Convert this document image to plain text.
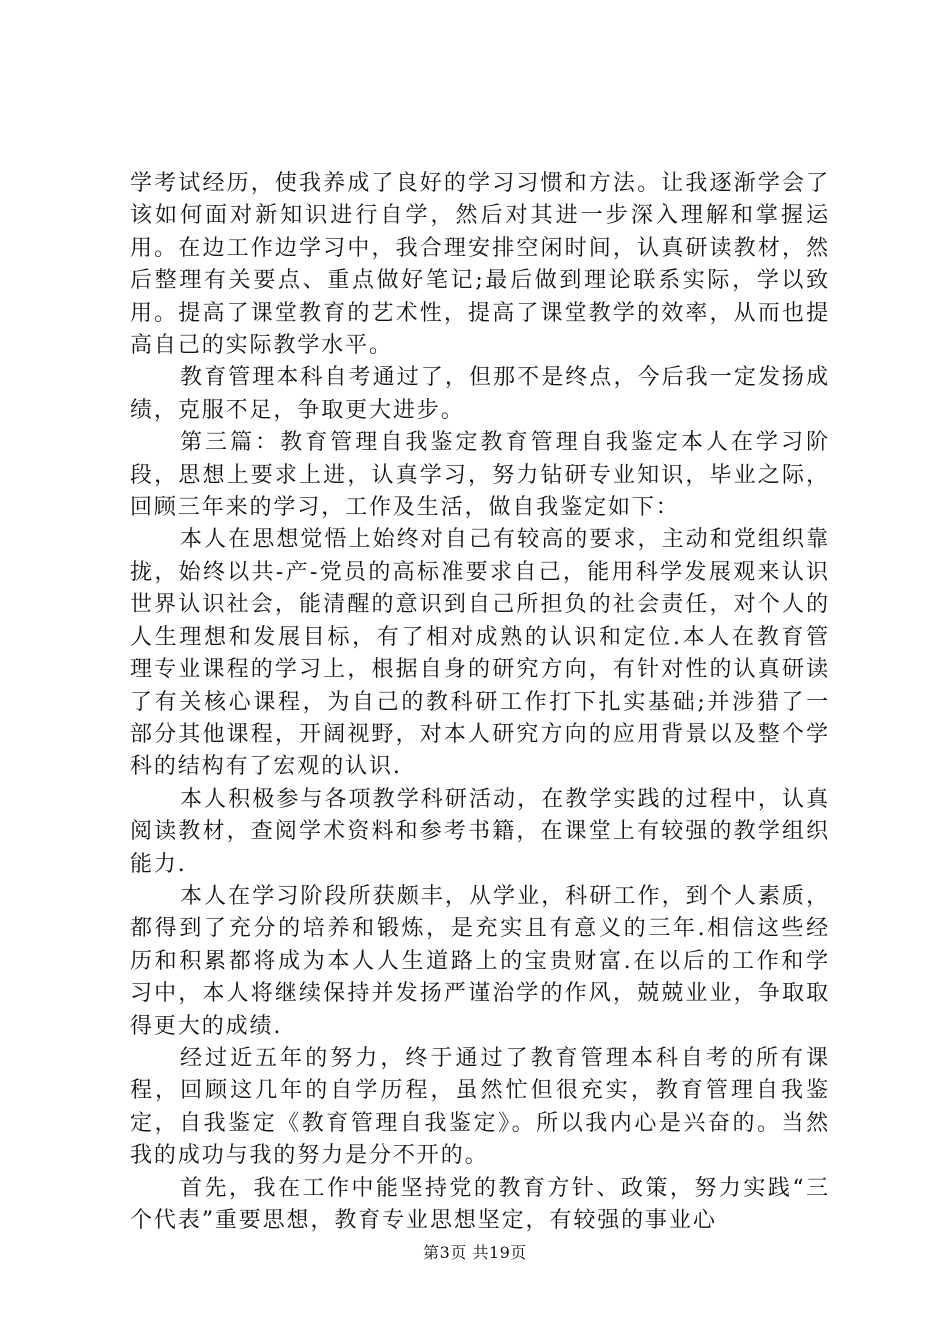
学考试经历，使我养成了良好的学习习惯和方法。让我逐渐学会了该如何面对新知识进行自学，然后对其进一步深入理解和掌握运用。在边工作边学习中，我合理安排空闲时间，认真研读教材，然后整理有关要点、重点做好笔记;最后做到理论联系实际，学以致用。提高了课堂教育的艺术性，提高了课堂教学的效率，从而也提高自己的实际教学水平。

教育管理本科自考通过了，但那不是终点，今后我一定发扬成绩，克服不足，争取更大进步。

第三篇：教育管理自我鉴定教育管理自我鉴定本人在学习阶段，思想上要求上进，认真学习，努力钻研专业知识，毕业之际，回顾三年来的学习，工作及生活，做自我鉴定如下：

本人在思想觉悟上始终对自己有较高的要求，主动和党组织靠拢，始终以共-产-党员的高标准要求自己，能用科学发展观来认识世界认识社会，能清醒的意识到自己所担负的社会责任，对个人的人生理想和发展目标，有了相对成熟的认识和定位.本人在教育管理专业课程的学习上，根据自身的研究方向，有针对性的认真研读了有关核心课程，为自己的教科研工作打下扎实基础;并涉猎了一部分其他课程，开阔视野，对本人研究方向的应用背景以及整个学科的结构有了宏观的认识.

本人积极参与各项教学科研活动，在教学实践的过程中，认真阅读教材，查阅学术资料和参考书籍，在课堂上有较强的教学组织能力.

本人在学习阶段所获颇丰，从学业，科研工作，到个人素质，都得到了充分的培养和锻炼，是充实且有意义的三年.相信这些经历和积累都将成为本人人生道路上的宝贵财富.在以后的工作和学习中，本人将继续保持并发扬严谨治学的作风，兢兢业业，争取取得更大的成绩.

经过近五年的努力，终于通过了教育管理本科自考的所有课程，回顾这几年的自学历程，虽然忙但很充实，教育管理自我鉴定，自我鉴定《教育管理自我鉴定》。所以我内心是兴奋的。当然我的成功与我的努力是分不开的。

首先，我在工作中能坚持党的教育方针、政策，努力实践“三个代表”重要思想，教育专业思想坚定，有较强的事业心

第3页 共19页
